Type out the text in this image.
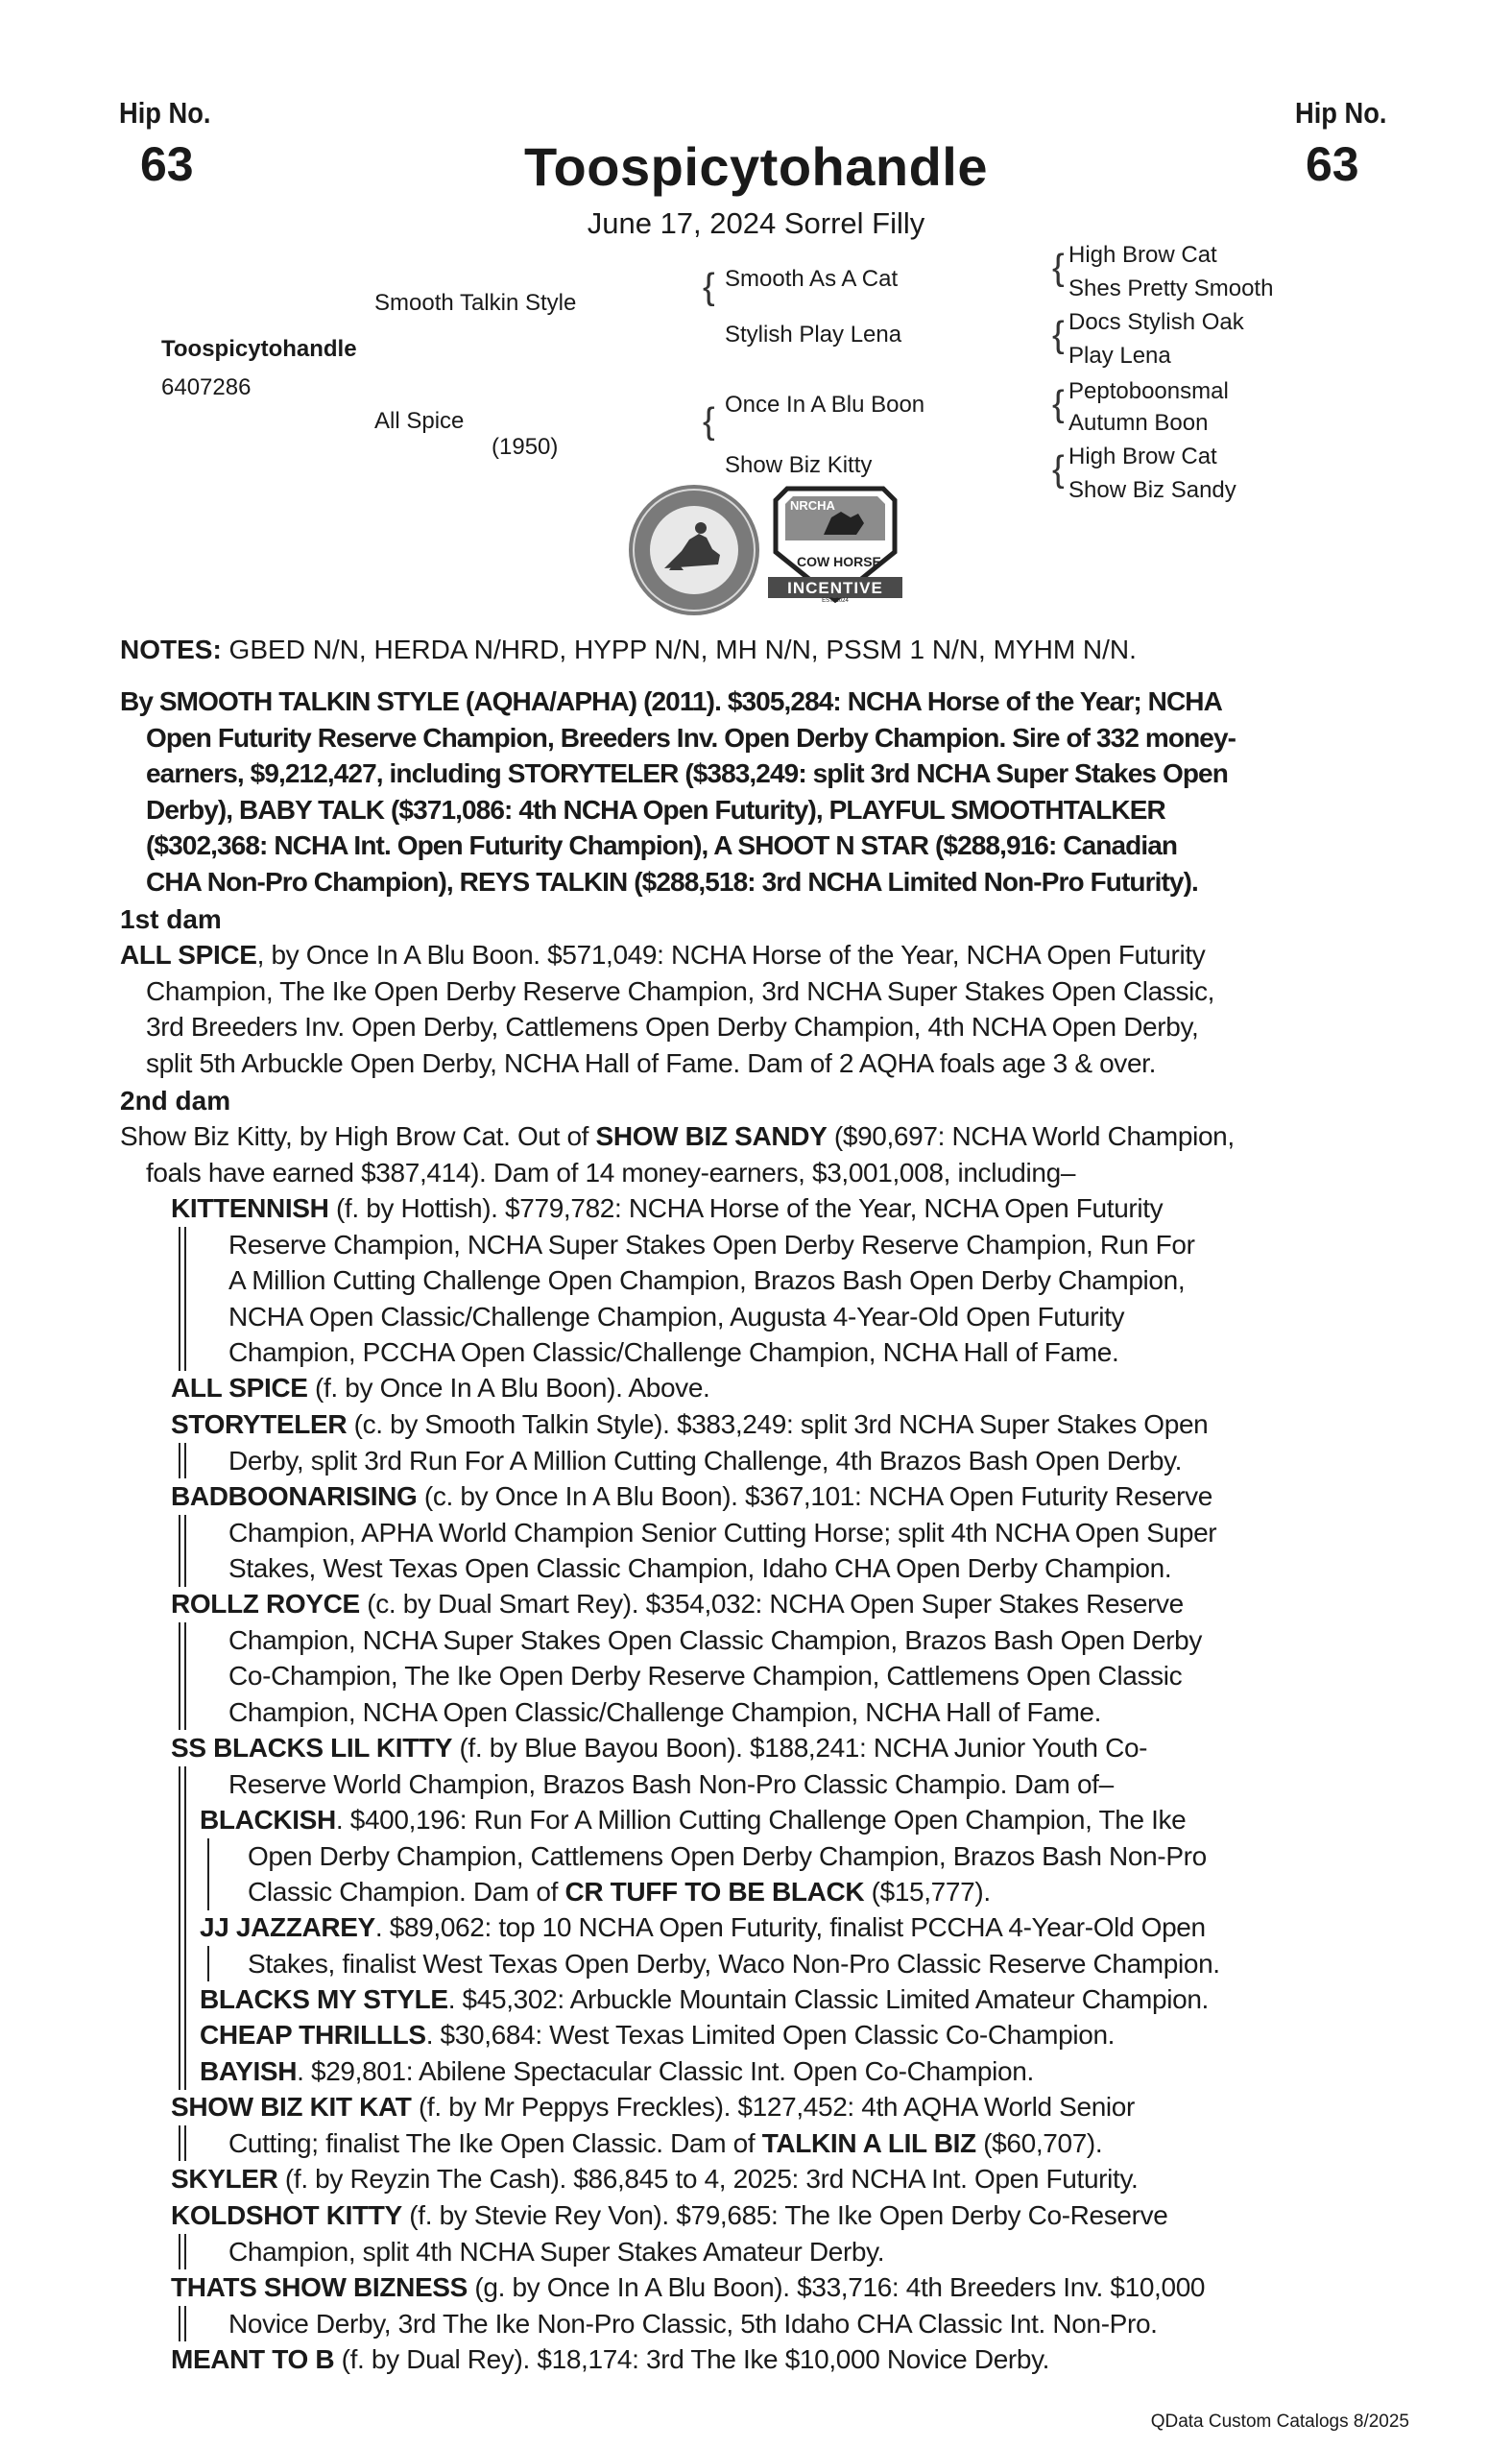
Hip No.
63
Hip No.
63
Toospicytohandle
June 17, 2024 Sorrel Filly
Toospicytohandle
6407286
Smooth Talkin Style
All Spice
(1950)
{ Smooth As A Cat
Stylish Play Lena
{ Once In A Blu Boon
Show Biz Kitty
{ High Brow Cat
Shes Pretty Smooth
{ Docs Stylish Oak
Play Lena
{ Peptoboonsmal
Autumn Boon
{ High Brow Cat
Show Biz Sandy
NRCHA
COW HORSE
INCENTIVE
EST. 2024
NOTES: GBED N/N, HERDA N/HRD, HYPP N/N, MH N/N, PSSM 1 N/N, MYHM N/N.
By SMOOTH TALKIN STYLE (AQHA/APHA) (2011). $305,284: NCHA Horse of the Year; NCHA
Open Futurity Reserve Champion, Breeders Inv. Open Derby Champion. Sire of 332 money-
earners, $9,212,427, including STORYTELER ($383,249: split 3rd NCHA Super Stakes Open
Derby), BABY TALK ($371,086: 4th NCHA Open Futurity), PLAYFUL SMOOTHTALKER
($302,368: NCHA Int. Open Futurity Champion), A SHOOT N STAR ($288,916: Canadian
CHA Non-Pro Champion), REYS TALKIN ($288,518: 3rd NCHA Limited Non-Pro Futurity).
1st dam
ALL SPICE, by Once In A Blu Boon. $571,049: NCHA Horse of the Year, NCHA Open Futurity
Champion, The Ike Open Derby Reserve Champion, 3rd NCHA Super Stakes Open Classic,
3rd Breeders Inv. Open Derby, Cattlemens Open Derby Champion, 4th NCHA Open Derby,
split 5th Arbuckle Open Derby, NCHA Hall of Fame. Dam of 2 AQHA foals age 3 & over.
2nd dam
Show Biz Kitty, by High Brow Cat. Out of SHOW BIZ SANDY ($90,697: NCHA World Champion,
foals have earned $387,414). Dam of 14 money-earners, $3,001,008, including–
KITTENNISH (f. by Hottish). $779,782: NCHA Horse of the Year, NCHA Open Futurity
Reserve Champion, NCHA Super Stakes Open Derby Reserve Champion, Run For
A Million Cutting Challenge Open Champion, Brazos Bash Open Derby Champion,
NCHA Open Classic/Challenge Champion, Augusta 4-Year-Old Open Futurity
Champion, PCCHA Open Classic/Challenge Champion, NCHA Hall of Fame.
ALL SPICE (f. by Once In A Blu Boon). Above.
STORYTELER (c. by Smooth Talkin Style). $383,249: split 3rd NCHA Super Stakes Open
Derby, split 3rd Run For A Million Cutting Challenge, 4th Brazos Bash Open Derby.
BADBOONARISING (c. by Once In A Blu Boon). $367,101: NCHA Open Futurity Reserve
Champion, APHA World Champion Senior Cutting Horse; split 4th NCHA Open Super
Stakes, West Texas Open Classic Champion, Idaho CHA Open Derby Champion.
ROLLZ ROYCE (c. by Dual Smart Rey). $354,032: NCHA Open Super Stakes Reserve
Champion, NCHA Super Stakes Open Classic Champion, Brazos Bash Open Derby
Co-Champion, The Ike Open Derby Reserve Champion, Cattlemens Open Classic
Champion, NCHA Open Classic/Challenge Champion, NCHA Hall of Fame.
SS BLACKS LIL KITTY (f. by Blue Bayou Boon). $188,241: NCHA Junior Youth Co-
Reserve World Champion, Brazos Bash Non-Pro Classic Champio. Dam of–
BLACKISH. $400,196: Run For A Million Cutting Challenge Open Champion, The Ike
Open Derby Champion, Cattlemens Open Derby Champion, Brazos Bash Non-Pro
Classic Champion. Dam of CR TUFF TO BE BLACK ($15,777).
JJ JAZZAREY. $89,062: top 10 NCHA Open Futurity, finalist PCCHA 4-Year-Old Open
Stakes, finalist West Texas Open Derby, Waco Non-Pro Classic Reserve Champion.
BLACKS MY STYLE. $45,302: Arbuckle Mountain Classic Limited Amateur Champion.
CHEAP THRILLLS. $30,684: West Texas Limited Open Classic Co-Champion.
BAYISH. $29,801: Abilene Spectacular Classic Int. Open Co-Champion.
SHOW BIZ KIT KAT (f. by Mr Peppys Freckles). $127,452: 4th AQHA World Senior
Cutting; finalist The Ike Open Classic. Dam of TALKIN A LIL BIZ ($60,707).
SKYLER (f. by Reyzin The Cash). $86,845 to 4, 2025: 3rd NCHA Int. Open Futurity.
KOLDSHOT KITTY (f. by Stevie Rey Von). $79,685: The Ike Open Derby Co-Reserve
Champion, split 4th NCHA Super Stakes Amateur Derby.
THATS SHOW BIZNESS (g. by Once In A Blu Boon). $33,716: 4th Breeders Inv. $10,000
Novice Derby, 3rd The Ike Non-Pro Classic, 5th Idaho CHA Classic Int. Non-Pro.
MEANT TO B (f. by Dual Rey). $18,174: 3rd The Ike $10,000 Novice Derby.
QData Custom Catalogs 8/2025
